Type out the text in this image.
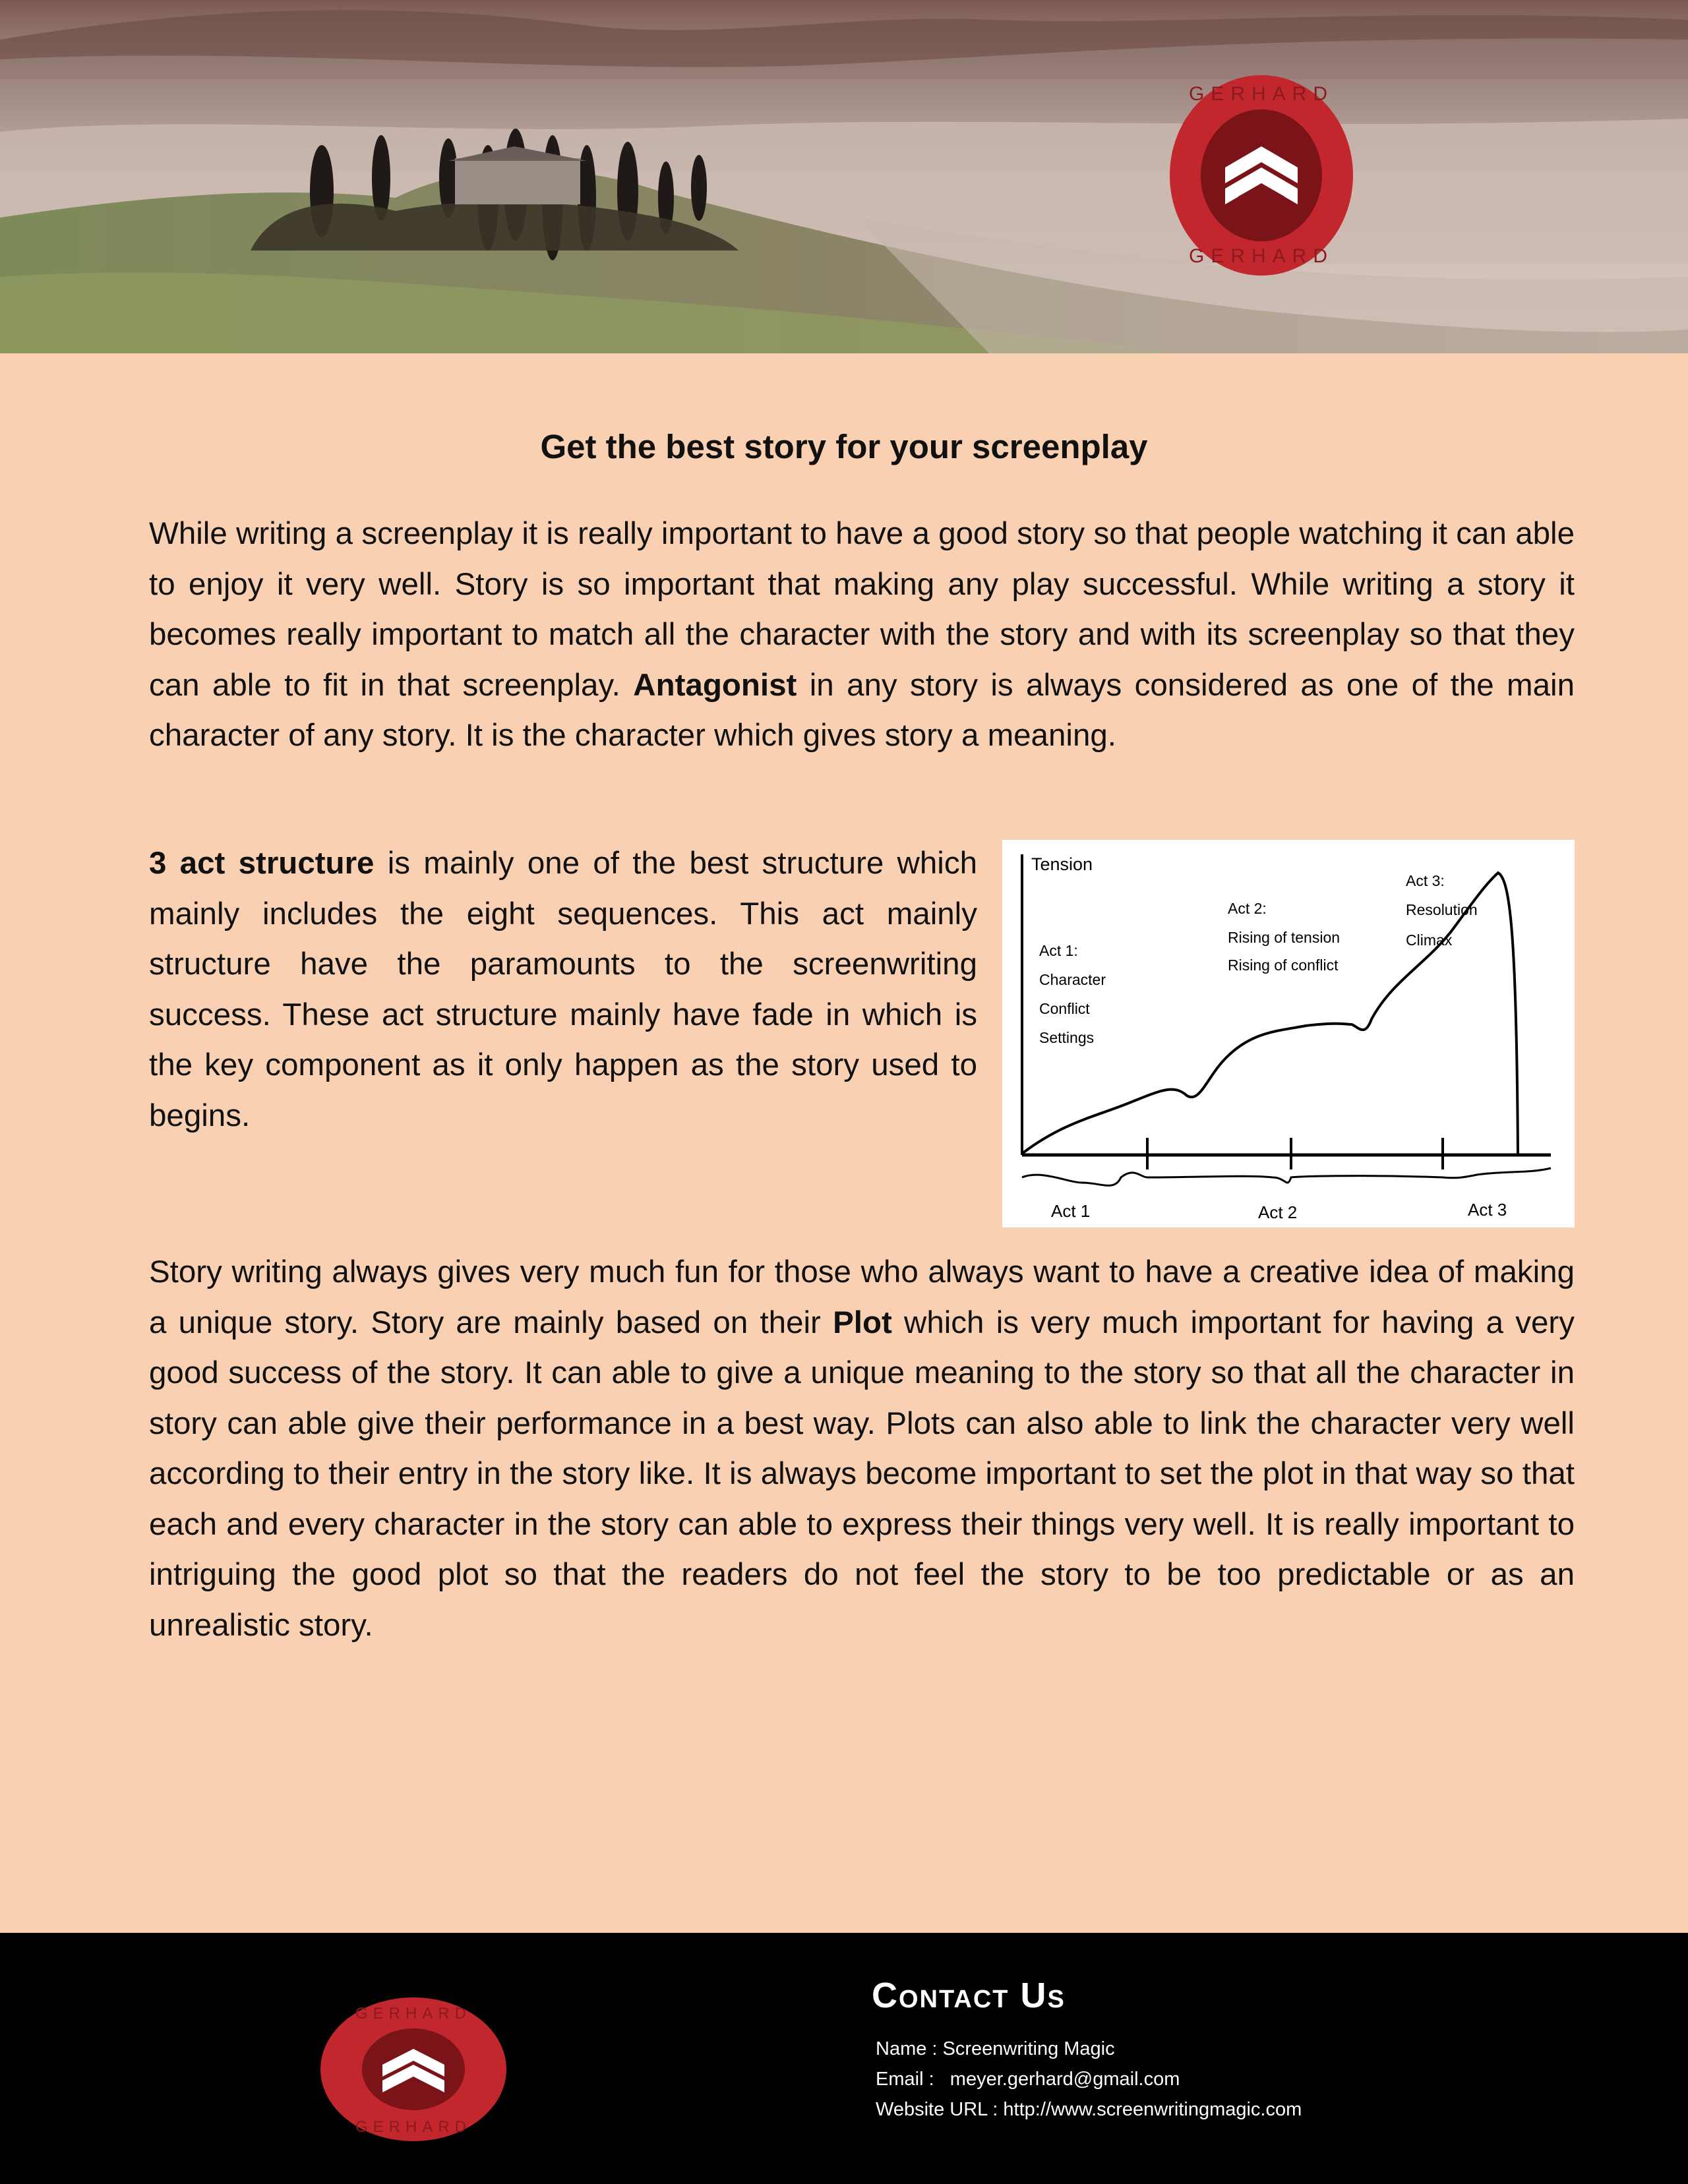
GERHARD
GERHARD
Get the best story for your screenplay
While writing a screenplay it is really important to have a good story so that people watching it can able to enjoy it very well. Story is so important that making any play successful. While writing a story it becomes really important to match all the character with the story and with its screenplay so that they can able to fit in that screenplay. Antagonist in any story is always considered as one of the main character of any story. It is the character which gives story a meaning.
3 act structure is mainly one of the best structure which mainly includes the eight sequences. This act mainly structure have the paramounts to the screenwriting success. These act structure mainly have fade in which is the key component as it only happen as the story used to begins.
Tension
Act 1:
Character
Conflict
Settings
Act 2:
Rising of tension
Rising of conflict
Act 3:
Resolution
Climax
Act 1	Act 2	Act 3
Story writing always gives very much fun for those who always want to have a creative idea of making a unique story. Story are mainly based on their Plot which is very much important for having a very good success of the story. It can able to give a unique meaning to the story so that all the character in story can able give their performance in a best way. Plots can also able to link the character very well according to their entry in the story like. It is always become important to set the plot in that way so that each and every character in the story can able to express their things very well. It is really important to intriguing the good plot so that the readers do not feel the story to be too predictable or as an unrealistic story.
GERHARD
GERHARD
Contact Us
Name : Screenwriting Magic
Email :   meyer.gerhard@gmail.com
Website URL : http://www.screenwritingmagic.com
